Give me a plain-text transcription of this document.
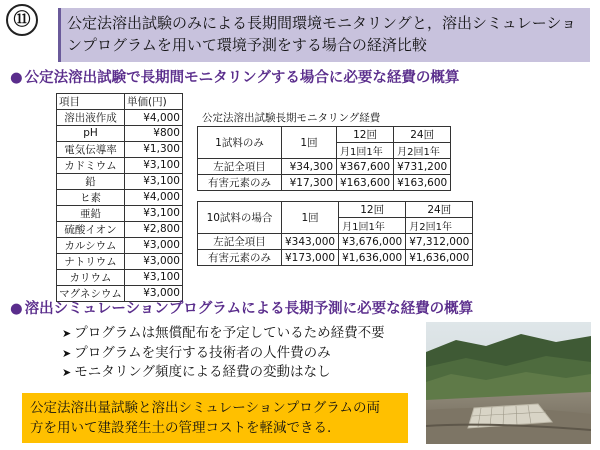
⑪	公定法溶出試験のみによる長期間環境モニタリングと，溶出シミュレーショ
ンプログラムを用いて環境予測をする場合の経済比較
● 公定法溶出試験で長期間モニタリングする場合に必要な経費の概算
項目	単価(円)
溶出液作成	¥4,000
pH	¥800
電気伝導率	¥1,300
カドミウム	¥3,100
鉛	¥3,100
ヒ素	¥4,000
亜鉛	¥3,100
硫酸イオン	¥2,800
カルシウム	¥3,000
ナトリウム	¥3,000
カリウム	¥3,100
マグネシウム	¥3,000
公定法溶出試験長期モニタリング経費
1試料のみ	1回	12回	24回
		月1回1年	月2回1年
左記全項目	¥34,300	¥367,600	¥731,200
有害元素のみ	¥17,300	¥163,600	¥163,600
10試料の場合	1回	12回	24回
		月1回1年	月2回1年
左記全項目	¥343,000	¥3,676,000	¥7,312,000
有害元素のみ	¥173,000	¥1,636,000	¥1,636,000
● 溶出シミュレーションプログラムによる長期予測に必要な経費の概算
➤ プログラムは無償配布を予定しているため経費不要
➤ プログラムを実行する技術者の人件費のみ
➤ モニタリング頻度による経費の変動はなし
公定法溶出量試験と溶出シミュレーションプログラムの両
方を用いて建設発生土の管理コストを軽減できる.
